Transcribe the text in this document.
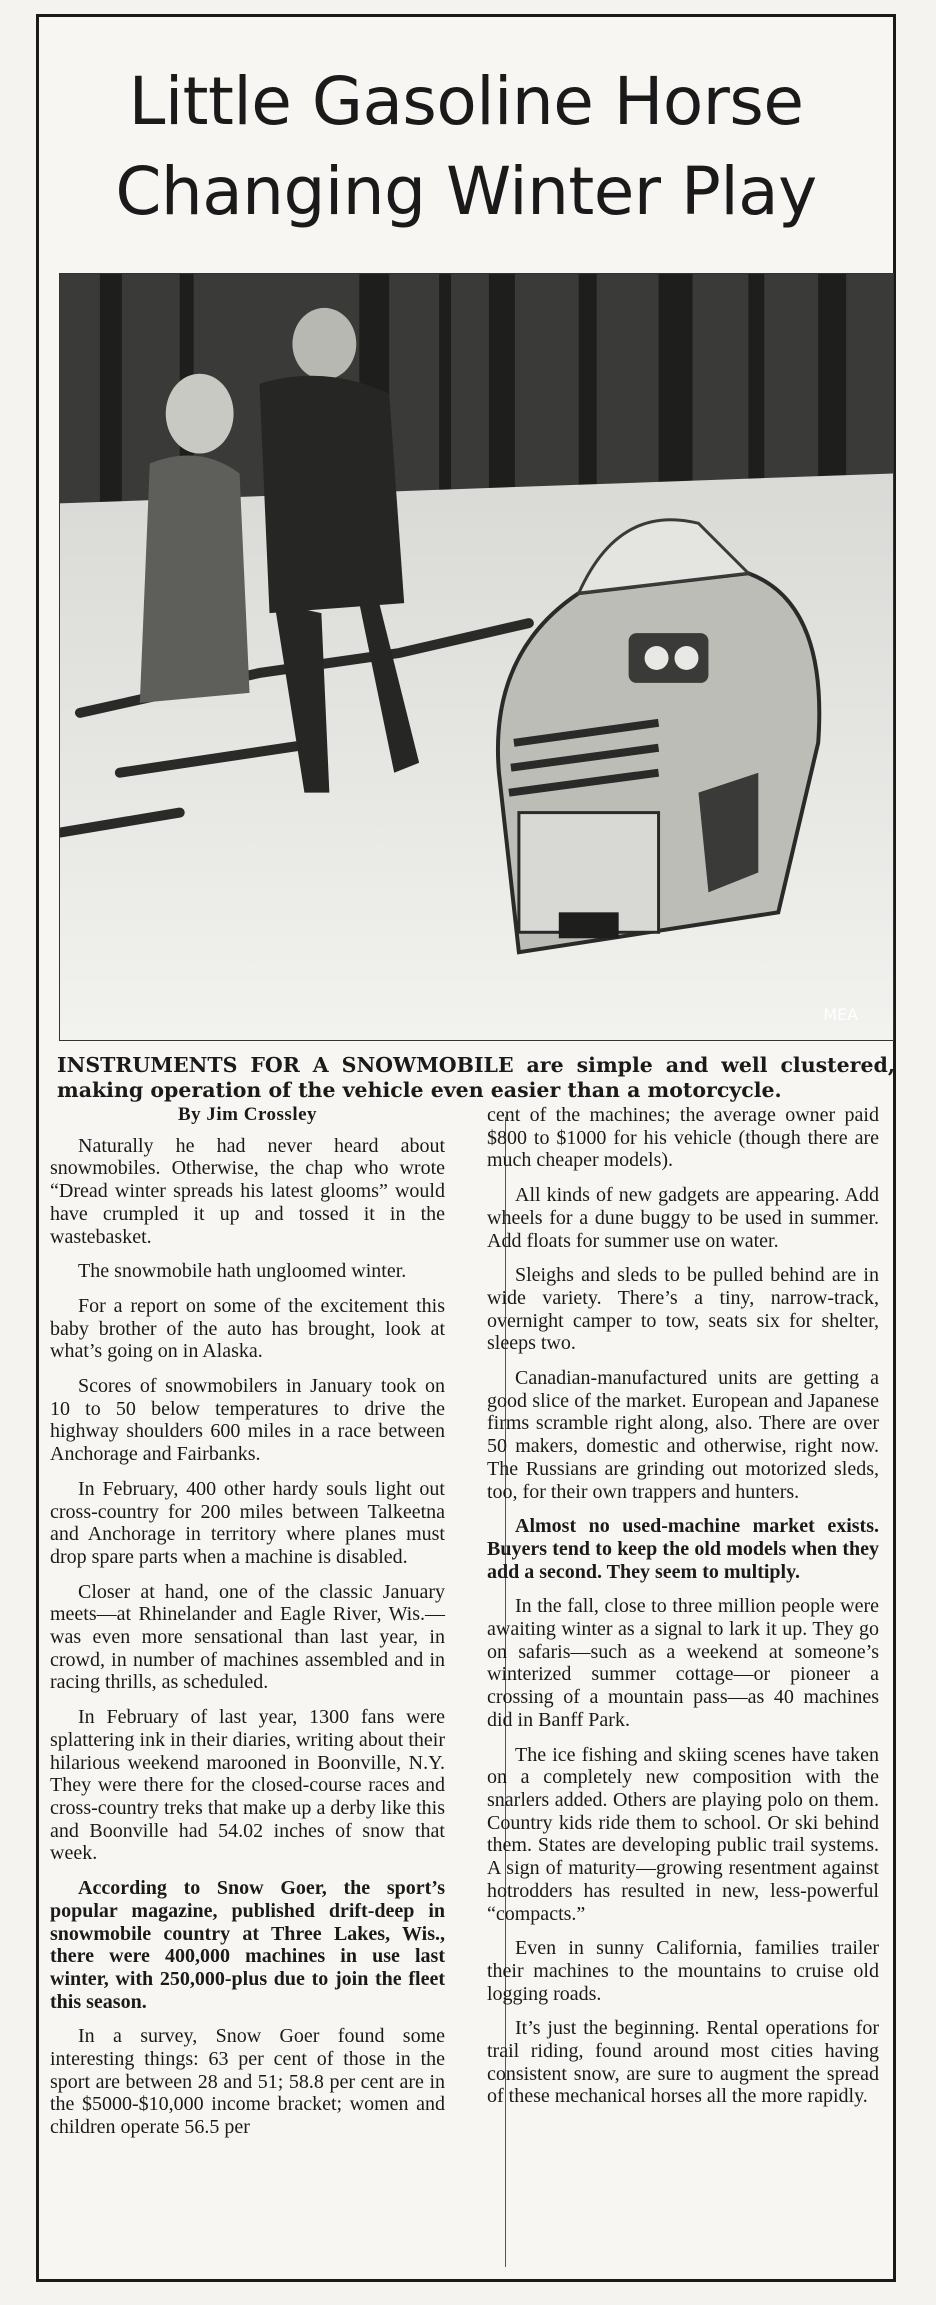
Little Gasoline Horse
Changing Winter Play
MEA
INSTRUMENTS FOR A SNOWMOBILE are simple and well clustered, making operation of the vehicle even easier than a motorcycle.
By Jim Crossley

Naturally he had never heard about snowmobiles. Otherwise, the chap who wrote “Dread winter spreads his latest glooms” would have crumpled it up and tossed it in the wastebasket.

The snowmobile hath ungloomed winter.

For a report on some of the excitement this baby brother of the auto has brought, look at what’s going on in Alaska.

Scores of snowmobilers in January took on 10 to 50 below temperatures to drive the highway shoulders 600 miles in a race between Anchorage and Fairbanks.

In February, 400 other hardy souls light out cross-country for 200 miles between Talkeetna and Anchorage in territory where planes must drop spare parts when a machine is disabled.

Closer at hand, one of the classic January meets—at Rhinelander and Eagle River, Wis.—was even more sensational than last year, in crowd, in number of machines assembled and in racing thrills, as scheduled.

In February of last year, 1300 fans were splattering ink in their diaries, writing about their hilarious weekend marooned in Boonville, N.Y. They were there for the closed-course races and cross-country treks that make up a derby like this and Boonville had 54.02 inches of snow that week.

According to Snow Goer, the sport’s popular magazine, published drift-deep in snowmobile country at Three Lakes, Wis., there were 400,000 machines in use last winter, with 250,000-plus due to join the fleet this season.

In a survey, Snow Goer found some interesting things: 63 per cent of those in the sport are between 28 and 51; 58.8 per cent are in the $5000-$10,000 income bracket; women and children operate 56.5 per

cent of the machines; the average owner paid $800 to $1000 for his vehicle (though there are much cheaper models).

All kinds of new gadgets are appearing. Add wheels for a dune buggy to be used in summer. Add floats for summer use on water.

Sleighs and sleds to be pulled behind are in wide variety. There’s a tiny, narrow-track, overnight camper to tow, seats six for shelter, sleeps two.

Canadian-manufactured units are getting a good slice of the market. European and Japanese firms scramble right along, also. There are over 50 makers, domestic and otherwise, right now. The Russians are grinding out motorized sleds, too, for their own trappers and hunters.

Almost no used-machine market exists. Buyers tend to keep the old models when they add a second. They seem to multiply.

In the fall, close to three million people were awaiting winter as a signal to lark it up. They go on safaris—such as a weekend at someone’s winterized summer cottage—or pioneer a crossing of a mountain pass—as 40 machines did in Banff Park.

The ice fishing and skiing scenes have taken on a completely new composition with the snarlers added. Others are playing polo on them. Country kids ride them to school. Or ski behind them. States are developing public trail systems. A sign of maturity—growing resentment against hotrodders has resulted in new, less-powerful “compacts.”

Even in sunny California, families trailer their machines to the mountains to cruise old logging roads.

It’s just the beginning. Rental operations for trail riding, found around most cities having consistent snow, are sure to augment the spread of these mechanical horses all the more rapidly.
